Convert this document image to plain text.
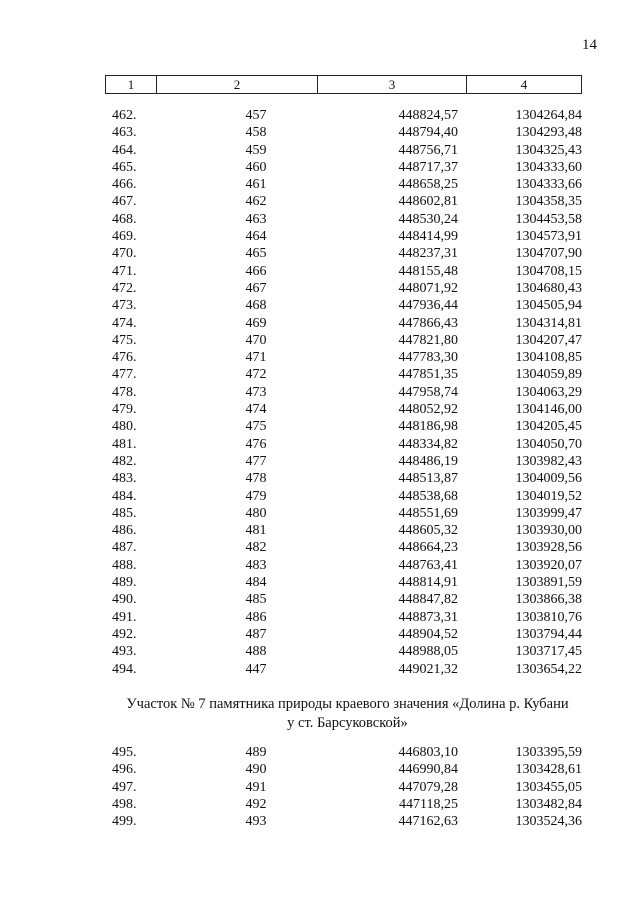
14
1	2	3	4
462.	457	448824,57	1304264,84
463.	458	448794,40	1304293,48
464.	459	448756,71	1304325,43
465.	460	448717,37	1304333,60
466.	461	448658,25	1304333,66
467.	462	448602,81	1304358,35
468.	463	448530,24	1304453,58
469.	464	448414,99	1304573,91
470.	465	448237,31	1304707,90
471.	466	448155,48	1304708,15
472.	467	448071,92	1304680,43
473.	468	447936,44	1304505,94
474.	469	447866,43	1304314,81
475.	470	447821,80	1304207,47
476.	471	447783,30	1304108,85
477.	472	447851,35	1304059,89
478.	473	447958,74	1304063,29
479.	474	448052,92	1304146,00
480.	475	448186,98	1304205,45
481.	476	448334,82	1304050,70
482.	477	448486,19	1303982,43
483.	478	448513,87	1304009,56
484.	479	448538,68	1304019,52
485.	480	448551,69	1303999,47
486.	481	448605,32	1303930,00
487.	482	448664,23	1303928,56
488.	483	448763,41	1303920,07
489.	484	448814,91	1303891,59
490.	485	448847,82	1303866,38
491.	486	448873,31	1303810,76
492.	487	448904,52	1303794,44
493.	488	448988,05	1303717,45
494.	447	449021,32	1303654,22
Участок № 7 памятника природы краевого значения «Долина р. Кубани
у ст. Барсуковской»
495.	489	446803,10	1303395,59
496.	490	446990,84	1303428,61
497.	491	447079,28	1303455,05
498.	492	447118,25	1303482,84
499.	493	447162,63	1303524,36
